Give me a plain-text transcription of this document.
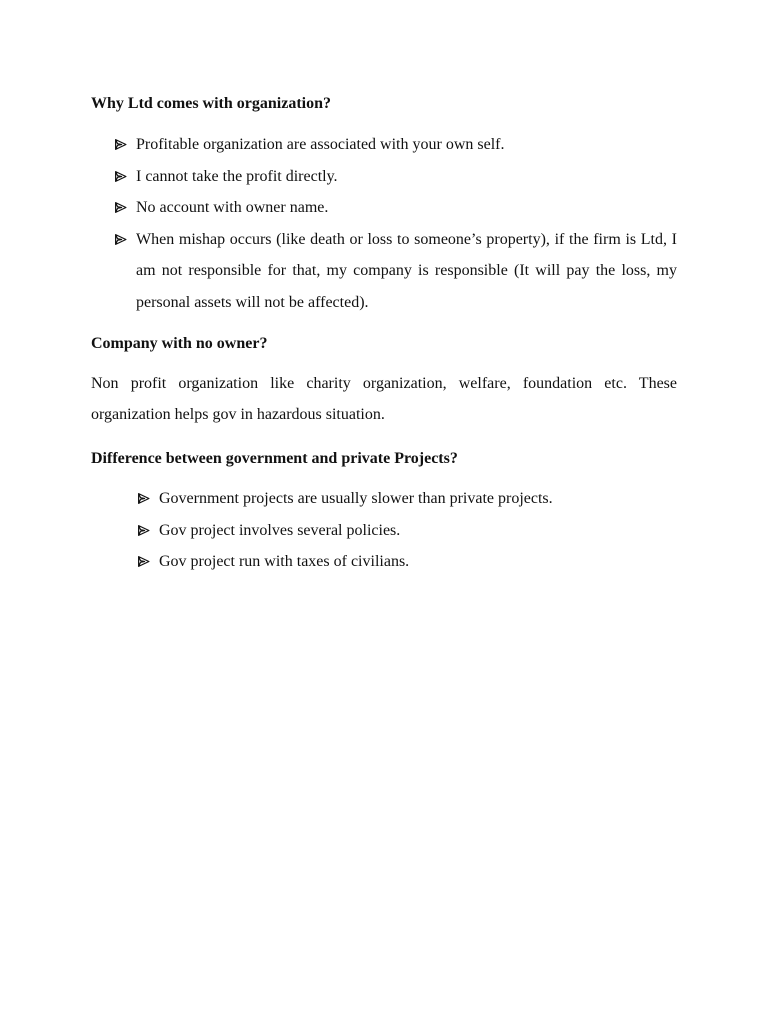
Why Ltd comes with organization?
Profitable organization are associated with your own self.
I cannot take the profit directly.
No account with owner name.
When mishap occurs (like death or loss to someone’s property), if the firm is Ltd, I am not responsible for that, my company is responsible (It will pay the loss, my personal assets will not be affected).
Company with no owner?

Non profit organization like charity organization, welfare, foundation etc. These organization helps gov in hazardous situation.

Difference between government and private Projects?
Government projects are usually slower than private projects.
Gov project involves several policies.
Gov project run with taxes of civilians.
